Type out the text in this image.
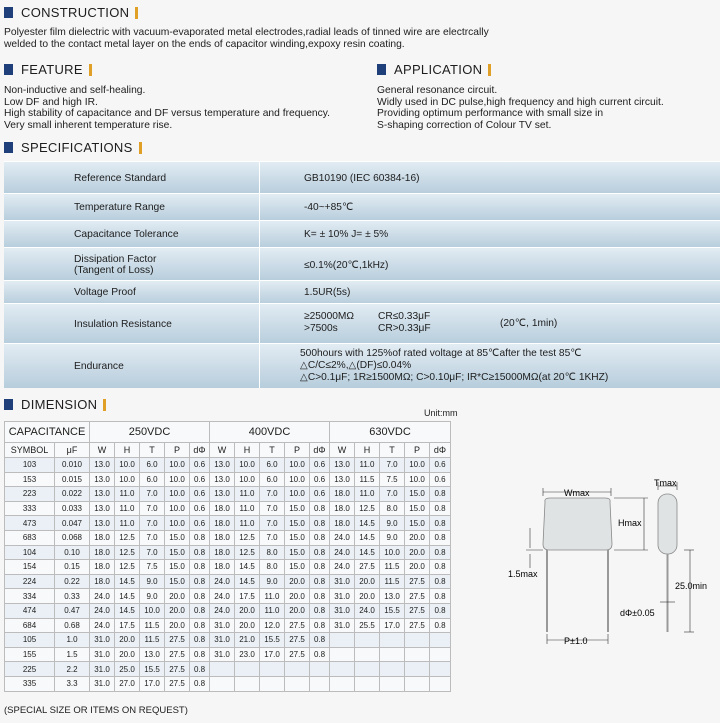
CONSTRUCTION
Polyester film dielectric with vacuum-evaporated metal electrodes,radial leads of tinned wire are electrcally
welded to the contact metal layer on the ends of capacitor winding,expoxy resin coating.
FEATURE
Non-inductive and self-healing.
Low DF and high IR.
High stability of capacitance and DF versus temperature and frequency.
Very small inherent temperature rise.
APPLICATION
General resonance circuit.
Widly used in DC pulse,high frequency and high current circuit.
Providing optimum performance with small size in
S-shaping correction of Colour TV set.
SPECIFICATIONS
Reference Standard	GB10190 (IEC 60384-16)
Temperature Range	-40~+85℃
Capacitance Tolerance	K= ± 10% J= ± 5%
Dissipation Factor
(Tangent of Loss)	≤0.1%(20℃,1kHz)
Voltage Proof	1.5UR(5s)
Insulation Resistance
≥25000MΩ CR≤0.33μF
>7500s	CR>0.33μF	(20℃, 1min)
Endurance
500hours with 125%of rated voltage at 85℃after the test 85℃
△C/C≤2%,△(DF)≤0.04%
△C>0.1μF; 1R≥1500MΩ; C>0.10μF; IR*C≥15000MΩ(at 20℃ 1KHZ)
DIMENSION
Unit:mm
CAPACITANCE		250VDC					400VDC					630VDC				
SYMBOL	μF	W	H	T	P	dΦ	W	H	T	P	dΦ	W	H	T	P	dΦ
103	0.010	13.0	10.0	6.0	10.0	0.6	13.0	10.0	6.0	10.0	0.6	13.0	11.0	7.0	10.0	0.6
153	0.015	13.0	10.0	6.0	10.0	0.6	13.0	10.0	6.0	10.0	0.6	13.0	11.5	7.5	10.0	0.6
223	0.022	13.0	11.0	7.0	10.0	0.6	13.0	11.0	7.0	10.0	0.6	18.0	11.0	7.0	15.0	0.8
333	0.033	13.0	11.0	7.0	10.0	0.6	18.0	11.0	7.0	15.0	0.8	18.0	12.5	8.0	15.0	0.8
473	0.047	13.0	11.0	7.0	10.0	0.6	18.0	11.0	7.0	15.0	0.8	18.0	14.5	9.0	15.0	0.8
683	0.068	18.0	12.5	7.0	15.0	0.8	18.0	12.5	7.0	15.0	0.8	24.0	14.5	9.0	20.0	0.8
104	0.10	18.0	12.5	7.0	15.0	0.8	18.0	12.5	8.0	15.0	0.8	24.0	14.5	10.0	20.0	0.8
154	0.15	18.0	12.5	7.5	15.0	0.8	18.0	14.5	8.0	15.0	0.8	24.0	27.5	11.5	20.0	0.8
224	0.22	18.0	14.5	9.0	15.0	0.8	24.0	14.5	9.0	20.0	0.8	31.0	20.0	11.5	27.5	0.8
334	0.33	24.0	14.5	9.0	20.0	0.8	24.0	17.5	11.0	20.0	0.8	31.0	20.0	13.0	27.5	0.8
474	0.47	24.0	14.5	10.0	20.0	0.8	24.0	20.0	11.0	20.0	0.8	31.0	24.0	15.5	27.5	0.8
684	0.68	24.0	17.5	11.5	20.0	0.8	31.0	20.0	12.0	27.5	0.8	31.0	25.5	17.0	27.5	0.8
105	1.0	31.0	20.0	11.5	27.5	0.8	31.0	21.0	15.5	27.5	0.8					
155	1.5	31.0	20.0	13.0	27.5	0.8	31.0	23.0	17.0	27.5	0.8					
225	2.2	31.0	25.0	15.5	27.5	0.8										
335	3.3	31.0	27.0	17.0	27.5	0.8										
(SPECIAL SIZE OR ITEMS ON REQUEST)
Wmax
Hmax
1.5max
P±1.0
Tmax
25.0min
dΦ±0.05
